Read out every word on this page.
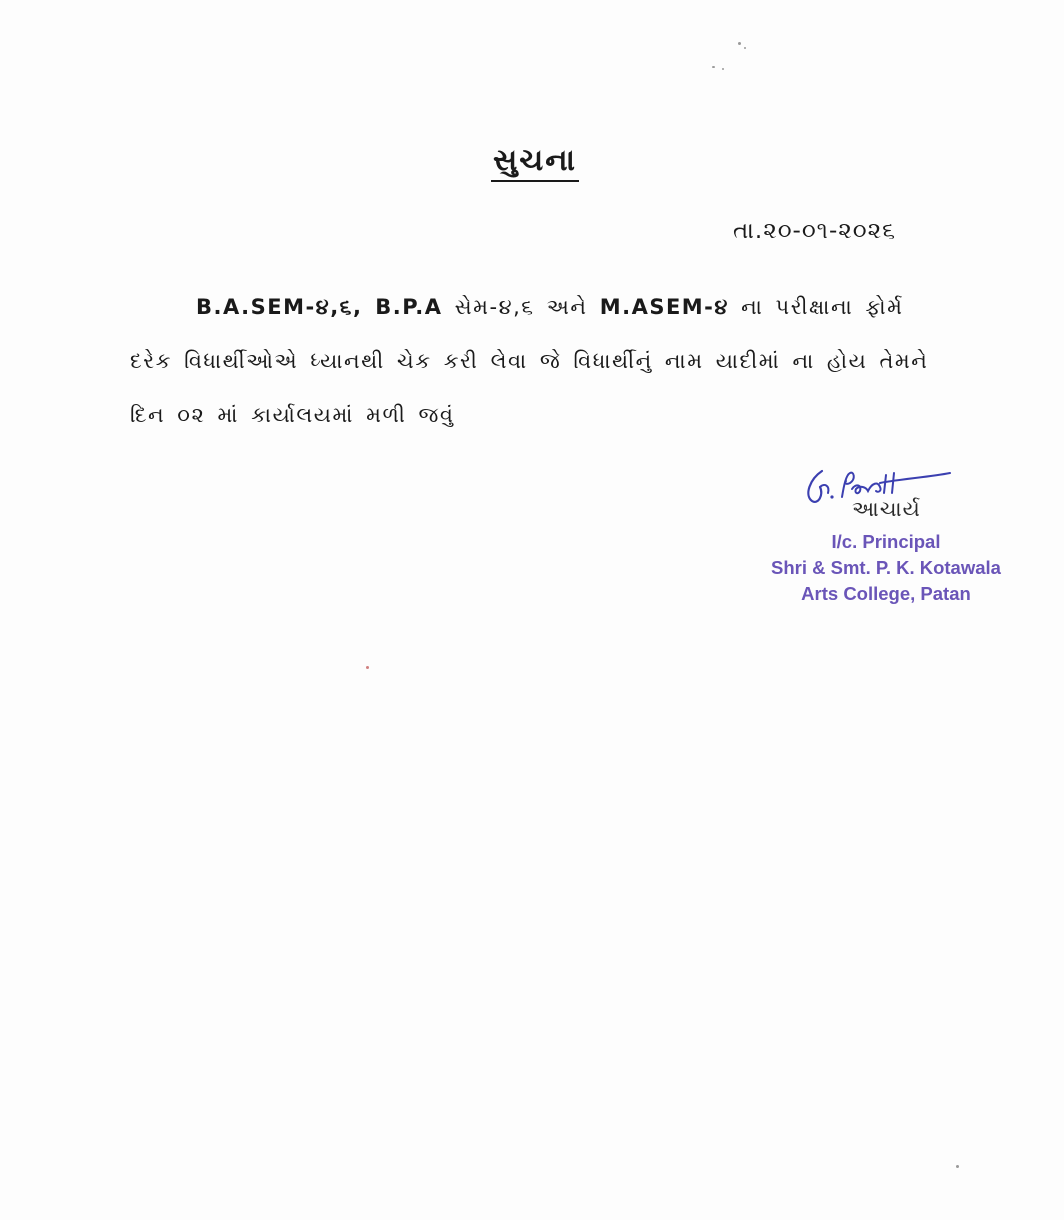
સુચના
તા.૨૦-૦૧-૨૦૨૬
B.A.SEM-૪,૬, B.P.A સેમ-૪,૬ અને M.ASEM-૪ ના પરીક્ષાના ફોર્મ દરેક વિધાર્થીઓએ ધ્યાનથી ચેક કરી લેવા જે વિધાર્થીનું નામ યાદીમાં ના હોય તેમને દિન ૦૨ માં કાર્યાલયમાં મળી જવું
આચાર્ય
I/c. Principal
Shri & Smt. P. K. Kotawala
Arts College, Patan
